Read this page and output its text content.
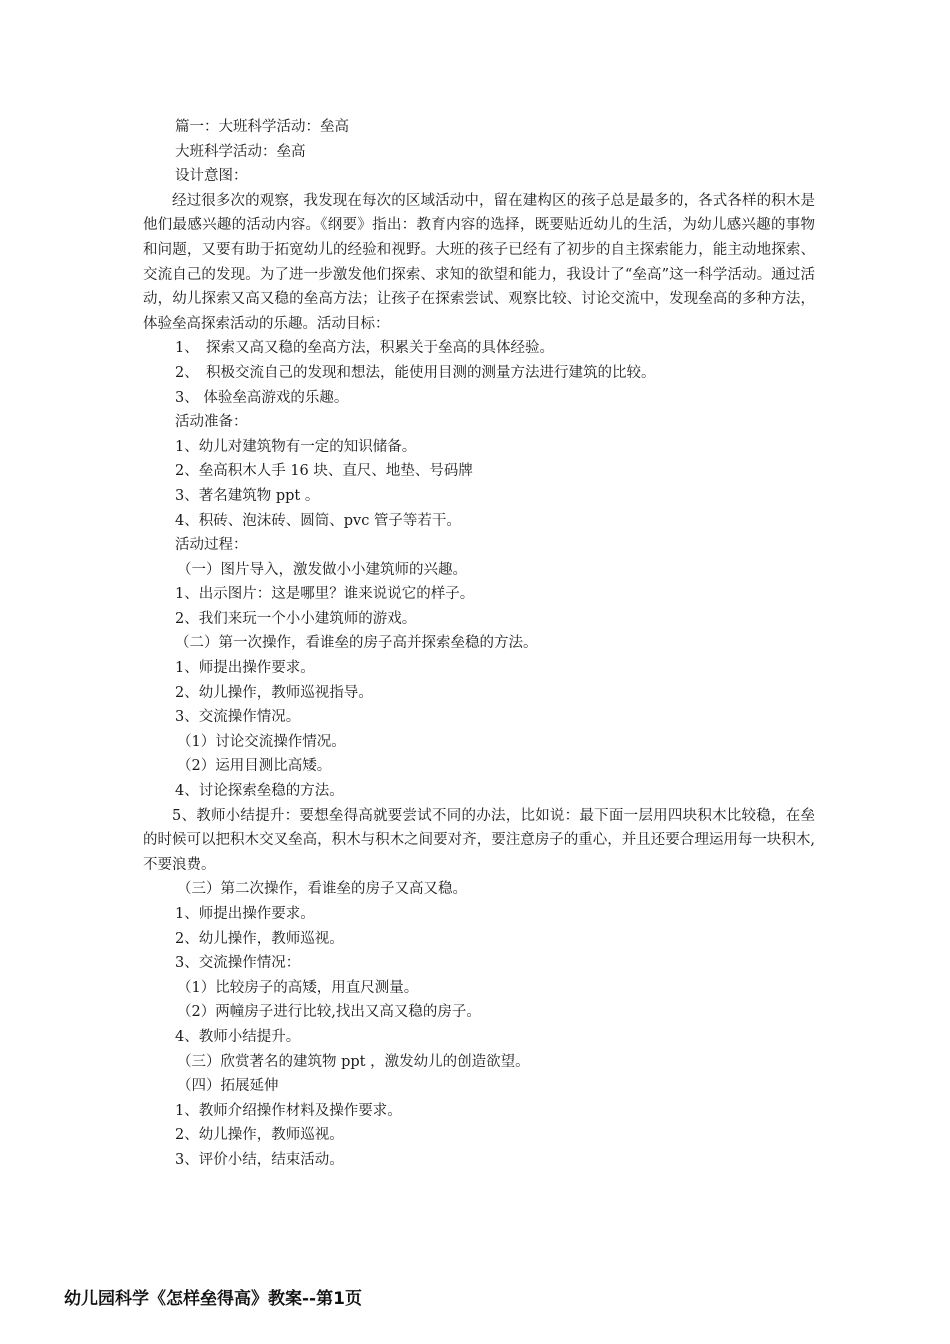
篇一：大班科学活动：垒高
大班科学活动：垒高
设计意图：

经过很多次的观察，我发现在每次的区域活动中，留在建构区的孩子总是最多的，各式各样的积木是他们最感兴趣的活动内容。《纲要》指出：教育内容的选择，既要贴近幼儿的生活，为幼儿感兴趣的事物和问题，又要有助于拓宽幼儿的经验和视野。大班的孩子已经有了初步的自主探索能力，能主动地探索、交流自己的发现。为了进一步激发他们探索、求知的欲望和能力，我设计了“垒高”这一科学活动。通过活动，幼儿探索又高又稳的垒高方法；让孩子在探索尝试、观察比较、讨论交流中，发现垒高的多种方法，体验垒高探索活动的乐趣。活动目标：

1、　探索又高又稳的垒高方法，积累关于垒高的具体经验。
2、　积极交流自己的发现和想法，能使用目测的测量方法进行建筑的比较。
3、 体验垒高游戏的乐趣。
活动准备：
1、幼儿对建筑物有一定的知识储备。
2、垒高积木人手 16 块、直尺、地垫、号码牌
3、著名建筑物 ppt 。
4、积砖、泡沫砖、圆筒、pvc 管子等若干。
活动过程：
（一）图片导入，激发做小小建筑师的兴趣。
1、出示图片：这是哪里？谁来说说它的样子。
2、我们来玩一个小小建筑师的游戏。
（二）第一次操作，看谁垒的房子高并探索垒稳的方法。
1、师提出操作要求。
2、幼儿操作，教师巡视指导。
3、交流操作情况。
（1）讨论交流操作情况。
（2）运用目测比高矮。
4、讨论探索垒稳的方法。

5、教师小结提升：要想垒得高就要尝试不同的办法，比如说：最下面一层用四块积木比较稳，在垒的时候可以把积木交叉垒高，积木与积木之间要对齐，要注意房子的重心，并且还要合理运用每一块积木,不要浪费。

（三）第二次操作，看谁垒的房子又高又稳。
1、师提出操作要求。
2、幼儿操作，教师巡视。
3、交流操作情况：
（1）比较房子的高矮，用直尺测量。
（2）两幢房子进行比较,找出又高又稳的房子。
4、教师小结提升。
（三）欣赏著名的建筑物 ppt ，激发幼儿的创造欲望。
（四）拓展延伸
1、教师介绍操作材料及操作要求。
2、幼儿操作，教师巡视。
3、评价小结，结束活动。
幼儿园科学《怎样垒得高》教案--第1页
